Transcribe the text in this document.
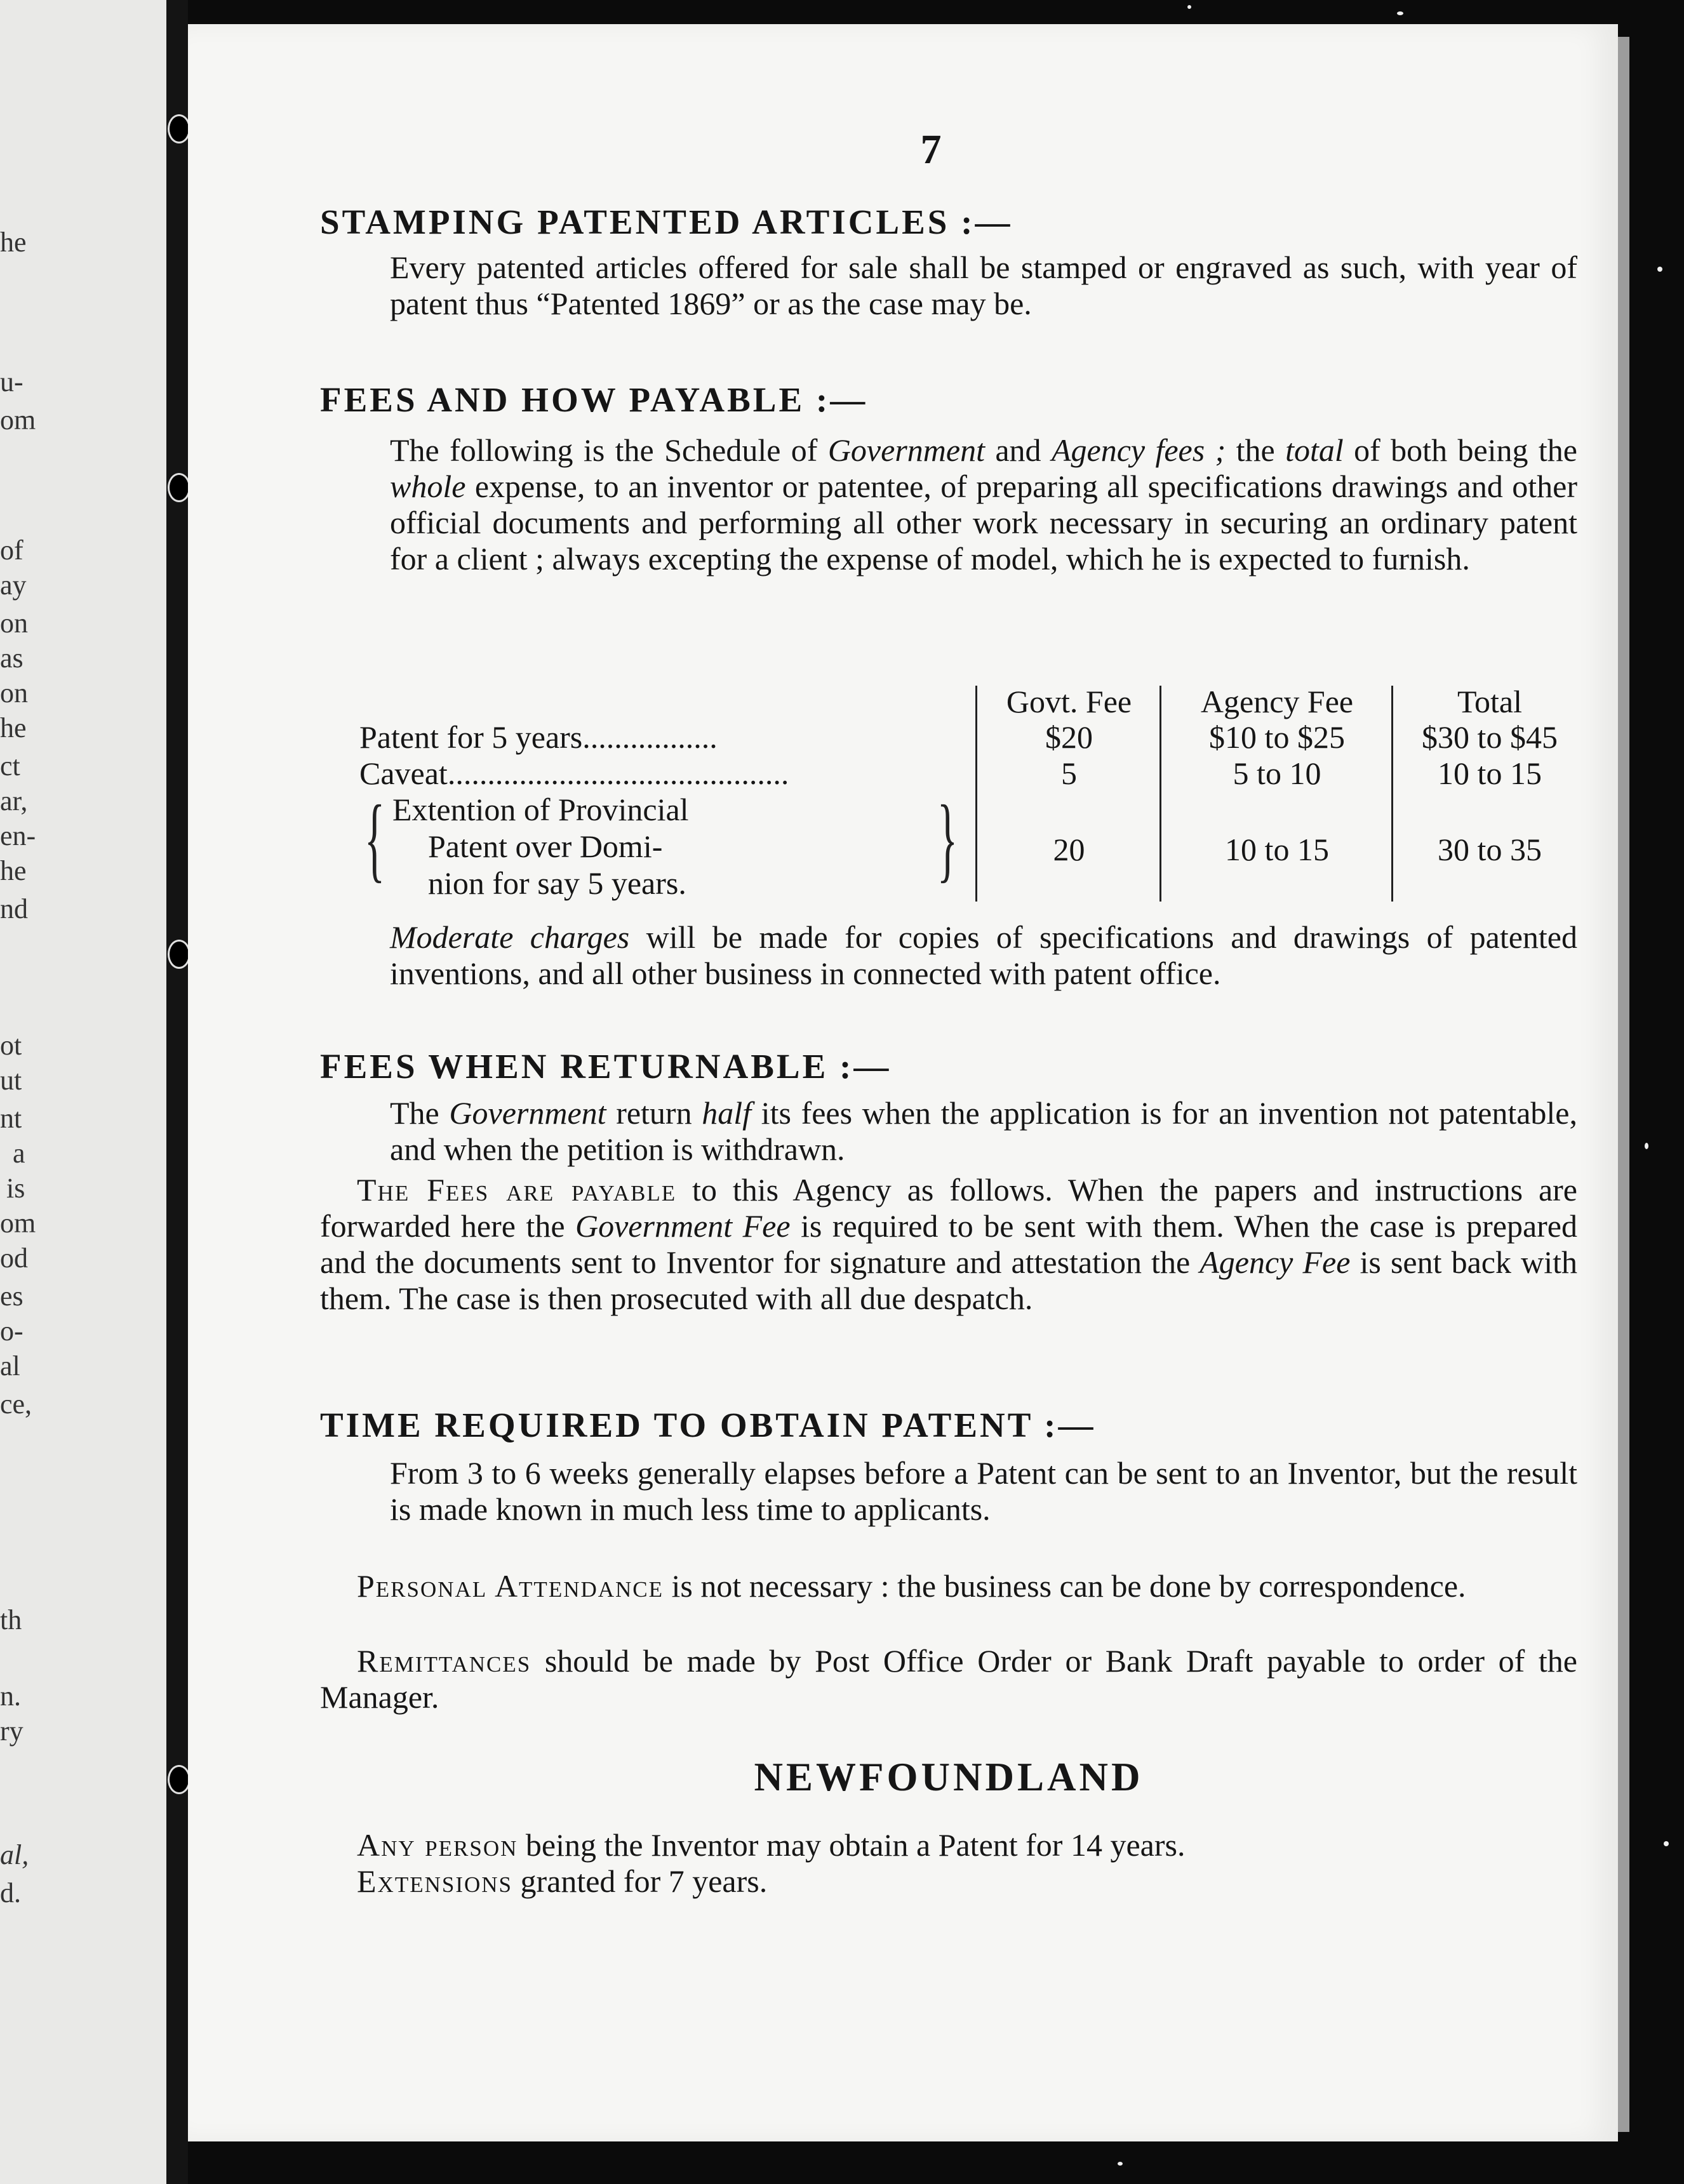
he
u-
om
of
ay
on
as
on
he
ct
ar,
en-
he
nd
ot
ut
nt
a
is
om
od
es
o-
al
ce,
th
n.
ry
al,
d.
7
STAMPING PATENTED ARTICLES :—

Every patented articles offered for sale shall be stamped or engraved as such, with year of patent thus “Patented 1869” or as the case may be.

FEES AND HOW PAYABLE :—

The following is the Schedule of Government and Agency fees ; the total of both being the whole expense, to an inventor or patentee, of preparing all specifications drawings and other official documents and performing all other work necessary in securing an ordinary patent for a client ; always excepting the expense of model, which he is expected to furnish.

Govt. Fee	Agency Fee	Total
Patent for 5 years.................	$20	$10 to $25	$30 to $45
Caveat...........................................	5	5 to 10	10 to 15
{ Extention of Provincial
Patent over Domi-
nion for say 5 years.	}	20	10 to 15	30 to 35

Moderate charges will be made for copies of specifications and drawings of patented inventions, and all other business in connected with patent office.

FEES WHEN RETURNABLE :—

The Government return half its fees when the application is for an invention not patentable, and when the petition is withdrawn.

The Fees are payable to this Agency as follows. When the papers and instructions are forwarded here the Government Fee is required to be sent with them. When the case is prepared and the documents sent to Inventor for signature and attestation the Agency Fee is sent back with them. The case is then prosecuted with all due despatch.

TIME REQUIRED TO OBTAIN PATENT :—

From 3 to 6 weeks generally elapses before a Patent can be sent to an Inventor, but the result is made known in much less time to applicants.

Personal Attendance is not necessary : the business can be done by correspondence.

Remittances should be made by Post Office Order or Bank Draft payable to order of the Manager.

NEWFOUNDLAND

Any person being the Inventor may obtain a Patent for 14 years.

Extensions granted for 7 years.
